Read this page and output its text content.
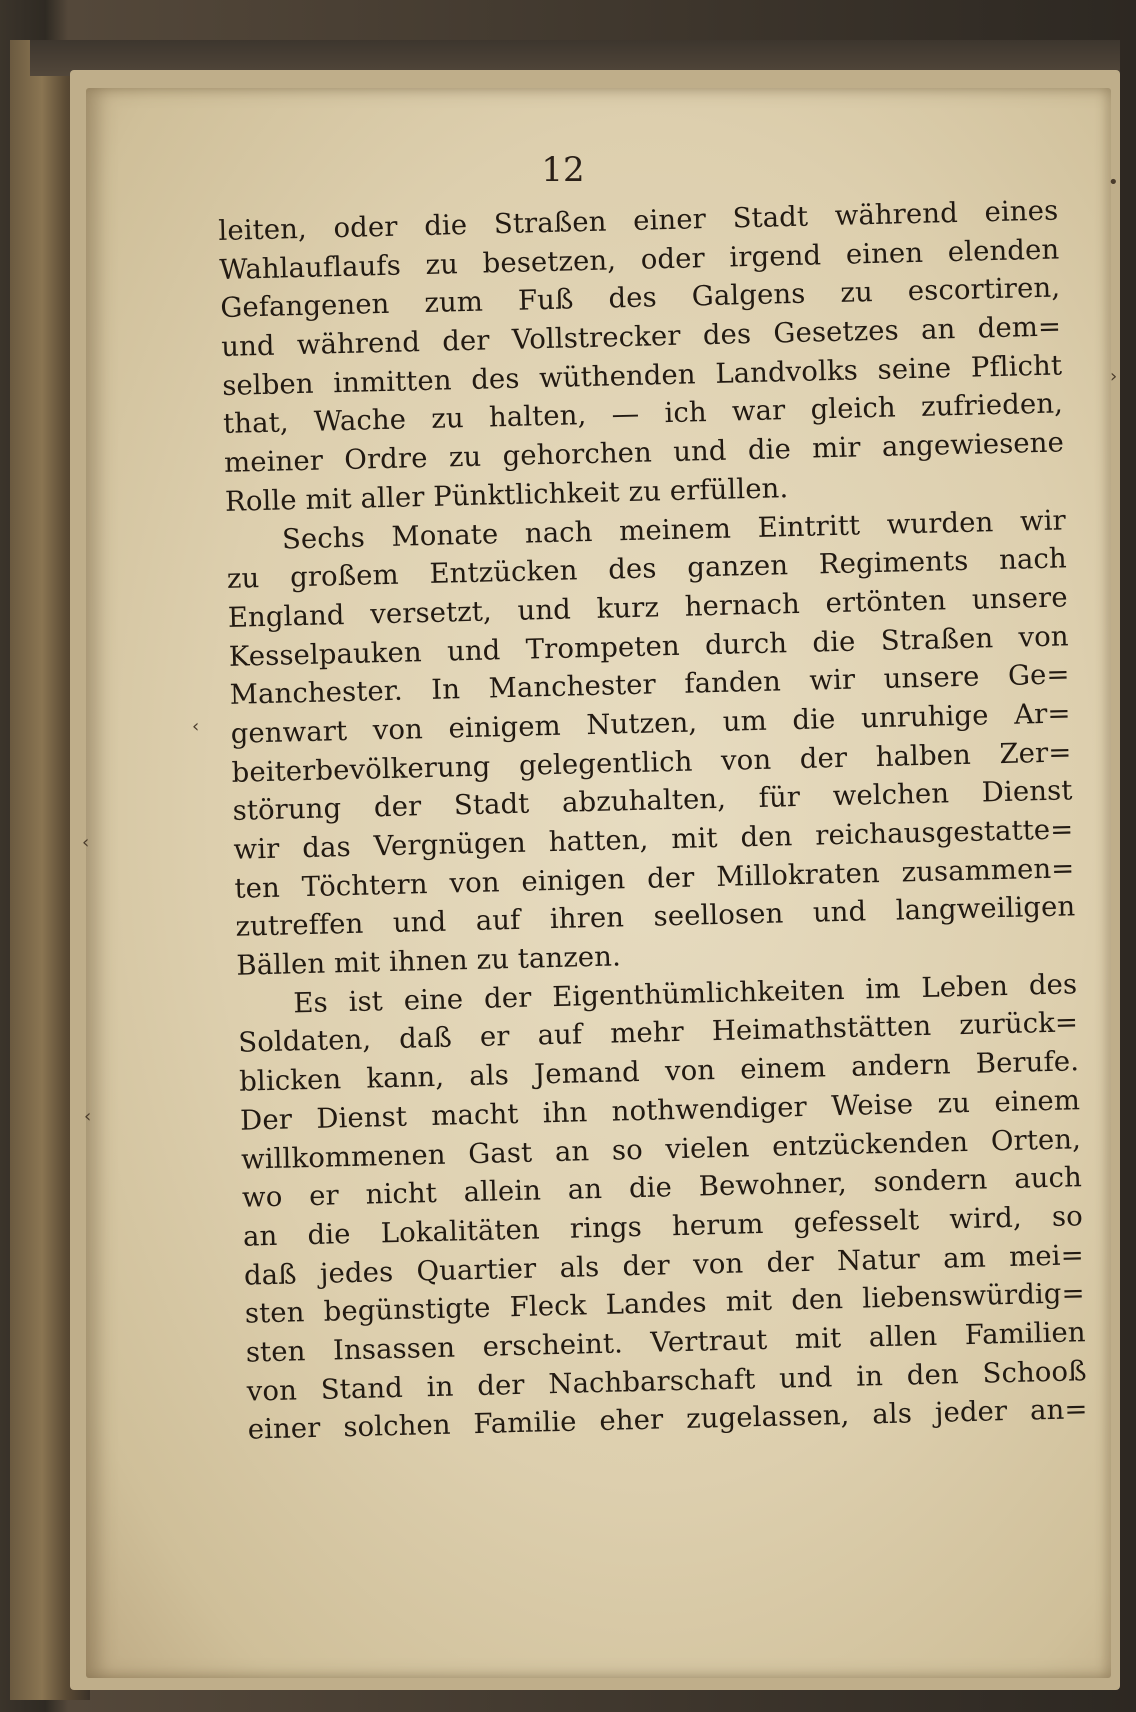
•
›
‹
‹
‹

12

leiten, oder die Straßen einer Stadt während eines
Wahlauflaufs zu besetzen, oder irgend einen elenden
Gefangenen zum Fuß des Galgens zu escortiren,
und während der Vollstrecker des Gesetzes an dem=
selben inmitten des wüthenden Landvolks seine Pflicht
that, Wache zu halten, — ich war gleich zufrieden,
meiner Ordre zu gehorchen und die mir angewiesene
Rolle mit aller Pünktlichkeit zu erfüllen.
Sechs Monate nach meinem Eintritt wurden wir
zu großem Entzücken des ganzen Regiments nach
England versetzt, und kurz hernach ertönten unsere
Kesselpauken und Trompeten durch die Straßen von
Manchester. In Manchester fanden wir unsere Ge=
genwart von einigem Nutzen, um die unruhige Ar=
beiterbevölkerung gelegentlich von der halben Zer=
störung der Stadt abzuhalten, für welchen Dienst
wir das Vergnügen hatten, mit den reichausgestatte=
ten Töchtern von einigen der Millokraten zusammen=
zutreffen und auf ihren seellosen und langweiligen
Bällen mit ihnen zu tanzen.
Es ist eine der Eigenthümlichkeiten im Leben des
Soldaten, daß er auf mehr Heimathstätten zurück=
blicken kann, als Jemand von einem andern Berufe.
Der Dienst macht ihn nothwendiger Weise zu einem
willkommenen Gast an so vielen entzückenden Orten,
wo er nicht allein an die Bewohner, sondern auch
an die Lokalitäten rings herum gefesselt wird, so
daß jedes Quartier als der von der Natur am mei=
sten begünstigte Fleck Landes mit den liebenswürdig=
sten Insassen erscheint. Vertraut mit allen Familien
von Stand in der Nachbarschaft und in den Schooß
einer solchen Familie eher zugelassen, als jeder an=
